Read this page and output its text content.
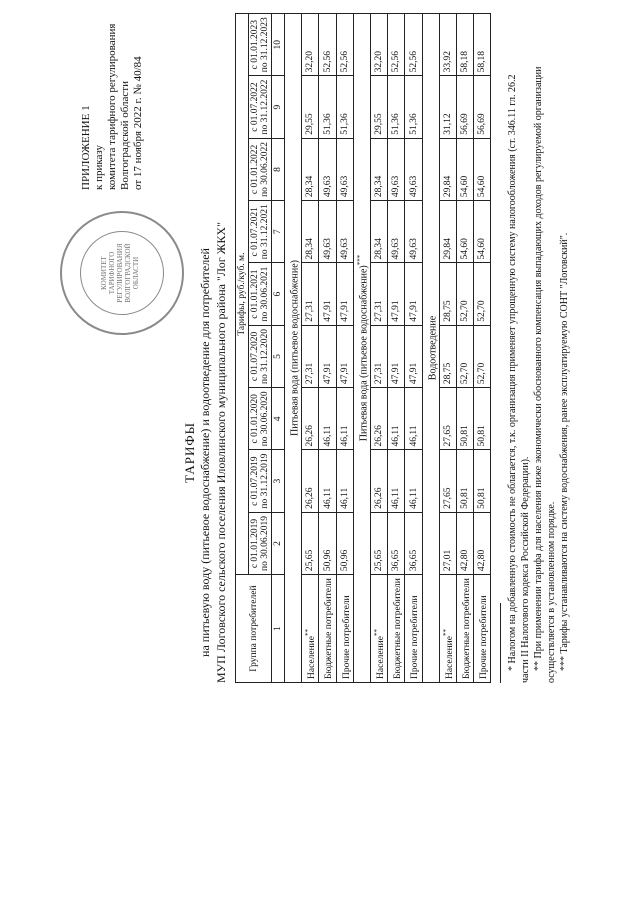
КОМИТЕТ ТАРИФНОГО РЕГУЛИРОВАНИЯ ВОЛГОГРАДСКОЙ ОБЛАСТИ
ПРИЛОЖЕНИЕ 1 к приказу комитета тарифного регулирования Волгоградской области от 17 ноября 2022 г. № 40/84
ТАРИФЫ на питьевую воду (питьевое водоснабжение) и водоотведение для потребителей МУП Логовского сельского поселения Иловлинского муниципального района "Лог ЖКХ" Группа потребителей	Тарифы, руб./куб. м.								
	с 01.01.2019 по 30.06.2019	с 01.07.2019 по 31.12.2019	с 01.01.2020 по 30.06.2020	с 01.07.2020 по 31.12.2020	с 01.01.2021 по 30.06.2021	с 01.07.2021 по 31.12.2021	с 01.01.2022 по 30.06.2022	с 01.07.2022 по 31.12.2022	с 01.01.2023 по 31.12.2023
1	2	3	4	5	6	7	8	9	10
Питьевая вода (питьевое водоснабжение)									
Население**	25,65	26,26	26,26	27,31	27,31	28,34	28,34	29,55	32,20
Бюджетные потребители	50,96	46,11	46,11	47,91	47,91	49,63	49,63	51,36	52,56
Прочие потребители	50,96	46,11	46,11	47,91	47,91	49,63	49,63	51,36	52,56
Питьевая вода (питьевое водоснабжение)***
Население**	25,65	26,26	26,26	27,31	27,31	28,34	28,34	29,55	32,20
Бюджетные потребители	36,65	46,11	46,11	47,91	47,91	49,63	49,63	51,36	52,56
Прочие потребители	36,65	46,11	46,11	47,91	47,91	49,63	49,63	51,36	52,56
Водоотведение									
Население**	27,01	27,65	27,65	28,75	28,75	29,84	29,84	31,12	33,92
Бюджетные потребители	42,80	50,81	50,81	52,70	52,70	54,60	54,60	56,69	58,18
Прочие потребители	42,80	50,81	50,81	52,70	52,70	54,60	54,60	56,69	58,18
* Налогом на добавленную стоимость не облагается, т.к. организация применяет упрощенную систему налогообложения (ст. 346.11 гл. 26.2 части II Налогового кодекса Российской Федерации). ** При применении тарифа для населения ниже экономически обоснованного компенсация выпадающих доходов регулируемой организации осуществляется в установленном порядке. *** Тарифы устанавливаются на систему водоснабжения, ранее эксплуатируемую СОНТ "Логовский".
